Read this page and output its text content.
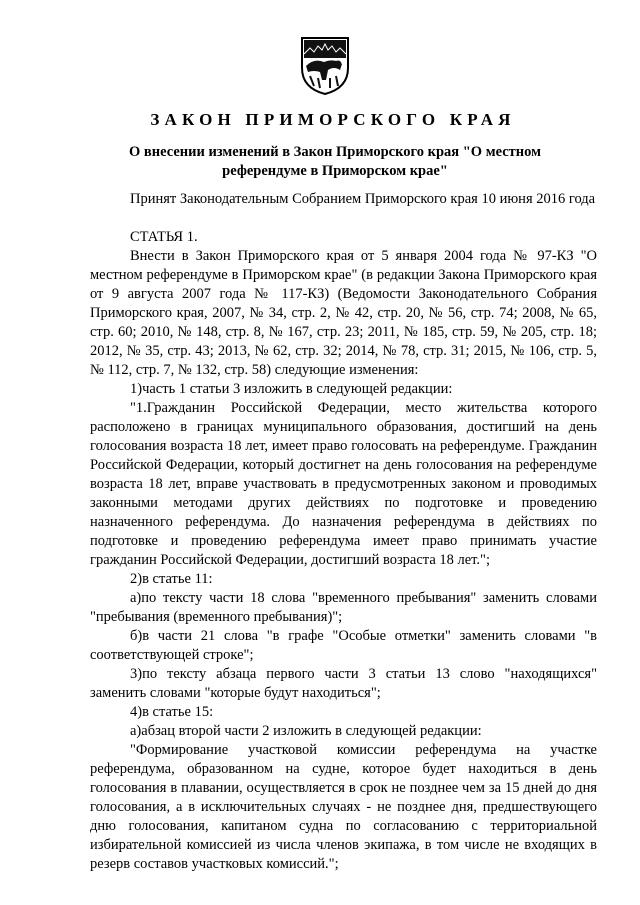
ЗАКОН ПРИМОРСКОГО КРАЯ
О внесении изменений в Закон Приморского края "О местном референдуме в Приморском крае"

Принят Законодательным Собранием Приморского края 10 июня 2016 года

СТАТЬЯ 1.

Внести в Закон Приморского края от 5 января 2004 года № 97-КЗ "О местном референдуме в Приморском крае" (в редакции Закона Приморского края от 9 августа 2007 года № 117-КЗ) (Ведомости Законодательного Собрания Приморского края, 2007, № 34, стр. 2, № 42, стр. 20, № 56, стр. 74; 2008, № 65, стр. 60; 2010, № 148, стр. 8, № 167, стр. 23; 2011, № 185, стр. 59, № 205, стр. 18; 2012, № 35, стр. 43; 2013, № 62, стр. 32; 2014, № 78, стр. 31; 2015, № 106, стр. 5, № 112, стр. 7, № 132, стр. 58) следующие изменения:

1)часть 1 статьи 3 изложить в следующей редакции:

"1.Гражданин Российской Федерации, место жительства которого расположено в границах муниципального образования, достигший на день голосования возраста 18 лет, имеет право голосовать на референдуме. Гражданин Российской Федерации, который достигнет на день голосования на референдуме возраста 18 лет, вправе участвовать в предусмотренных законом и проводимых законными методами других действиях по подготовке и проведению назначенного референдума. До назначения референдума в действиях по подготовке и проведению референдума имеет право принимать участие гражданин Российской Федерации, достигший возраста 18 лет.";

2)в статье 11:

а)по тексту части 18 слова "временного пребывания" заменить словами "пребывания (временного пребывания)";

б)в части 21 слова "в графе "Особые отметки" заменить словами "в соответствующей строке";

3)по тексту абзаца первого части 3 статьи 13 слово "находящихся" заменить словами "которые будут находиться";

4)в статье 15:

а)абзац второй части 2 изложить в следующей редакции:

"Формирование участковой комиссии референдума на участке референдума, образованном на судне, которое будет находиться в день голосования в плавании, осуществляется в срок не позднее чем за 15 дней до дня голосования, а в исключительных случаях - не позднее дня, предшествующего дню голосования, капитаном судна по согласованию с территориальной избирательной комиссией из числа членов экипажа, в том числе не входящих в резерв составов участковых комиссий.";
